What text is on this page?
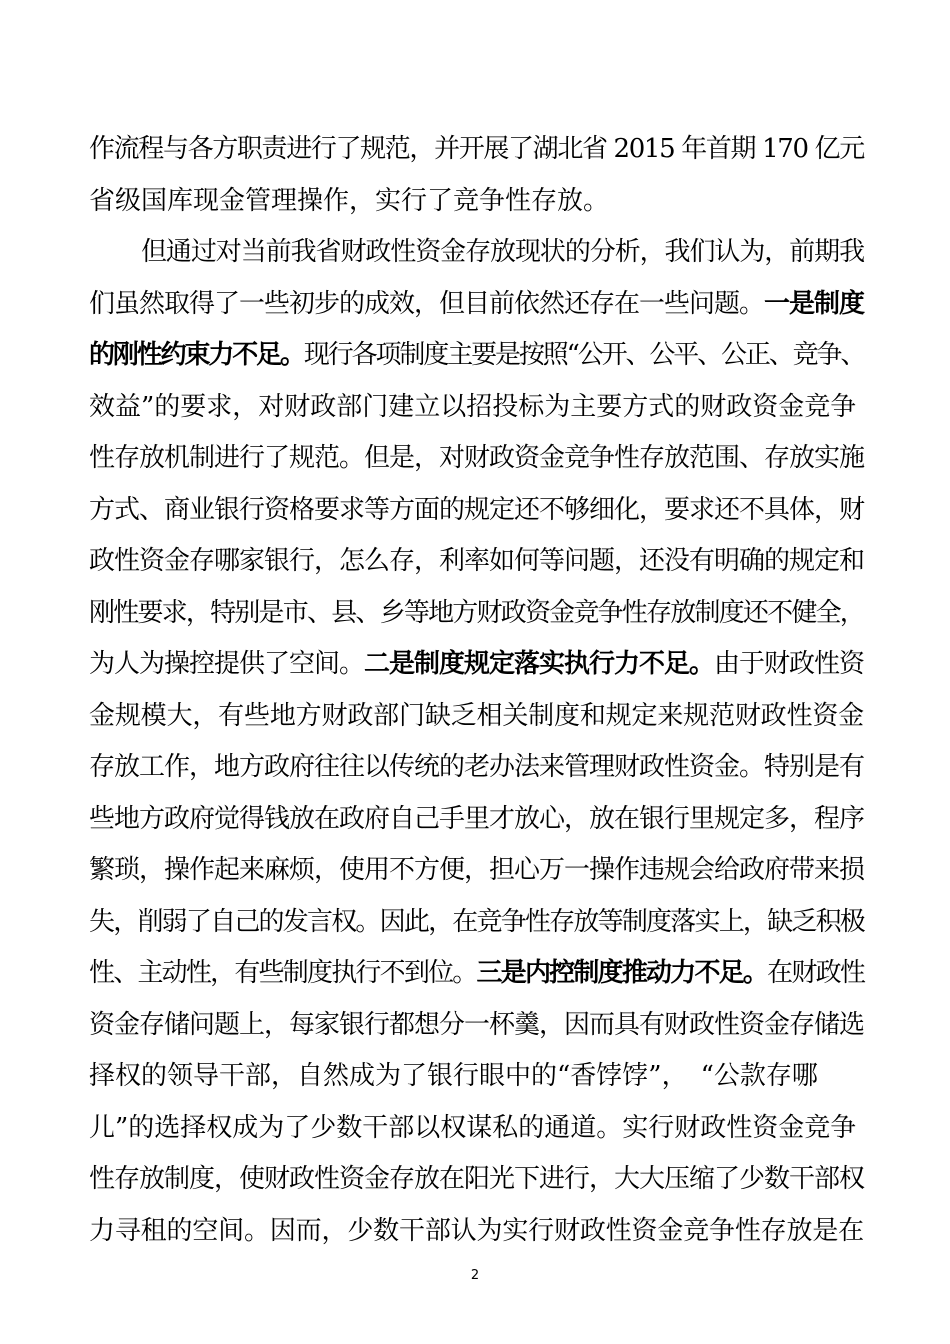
作流程与各方职责进行了规范，并开展了湖北省 2015 年首期 170 亿元
省级国库现金管理操作，实行了竞争性存放。
但通过对当前我省财政性资金存放现状的分析，我们认为，前期我
们虽然取得了一些初步的成效，但目前依然还存在一些问题。一是制度
的刚性约束力不足。现行各项制度主要是按照“公开、公平、公正、竞争、
效益”的要求，对财政部门建立以招投标为主要方式的财政资金竞争
性存放机制进行了规范。但是，对财政资金竞争性存放范围、存放实施
方式、商业银行资格要求等方面的规定还不够细化，要求还不具体，财
政性资金存哪家银行，怎么存，利率如何等问题，还没有明确的规定和
刚性要求，特别是市、县、乡等地方财政资金竞争性存放制度还不健全，
为人为操控提供了空间。二是制度规定落实执行力不足。由于财政性资
金规模大，有些地方财政部门缺乏相关制度和规定来规范财政性资金
存放工作，地方政府往往以传统的老办法来管理财政性资金。特别是有
些地方政府觉得钱放在政府自己手里才放心，放在银行里规定多，程序
繁琐，操作起来麻烦，使用不方便，担心万一操作违规会给政府带来损
失，削弱了自己的发言权。因此，在竞争性存放等制度落实上，缺乏积极
性、主动性，有些制度执行不到位。三是内控制度推动力不足。在财政性
资金存储问题上，每家银行都想分一杯羹，因而具有财政性资金存储选
择权的领导干部，自然成为了银行眼中的“香饽饽”，　“公款存哪
儿”的选择权成为了少数干部以权谋私的通道。实行财政性资金竞争
性存放制度，使财政性资金存放在阳光下进行，大大压缩了少数干部权
力寻租的空间。因而，少数干部认为实行财政性资金竞争性存放是在
2
